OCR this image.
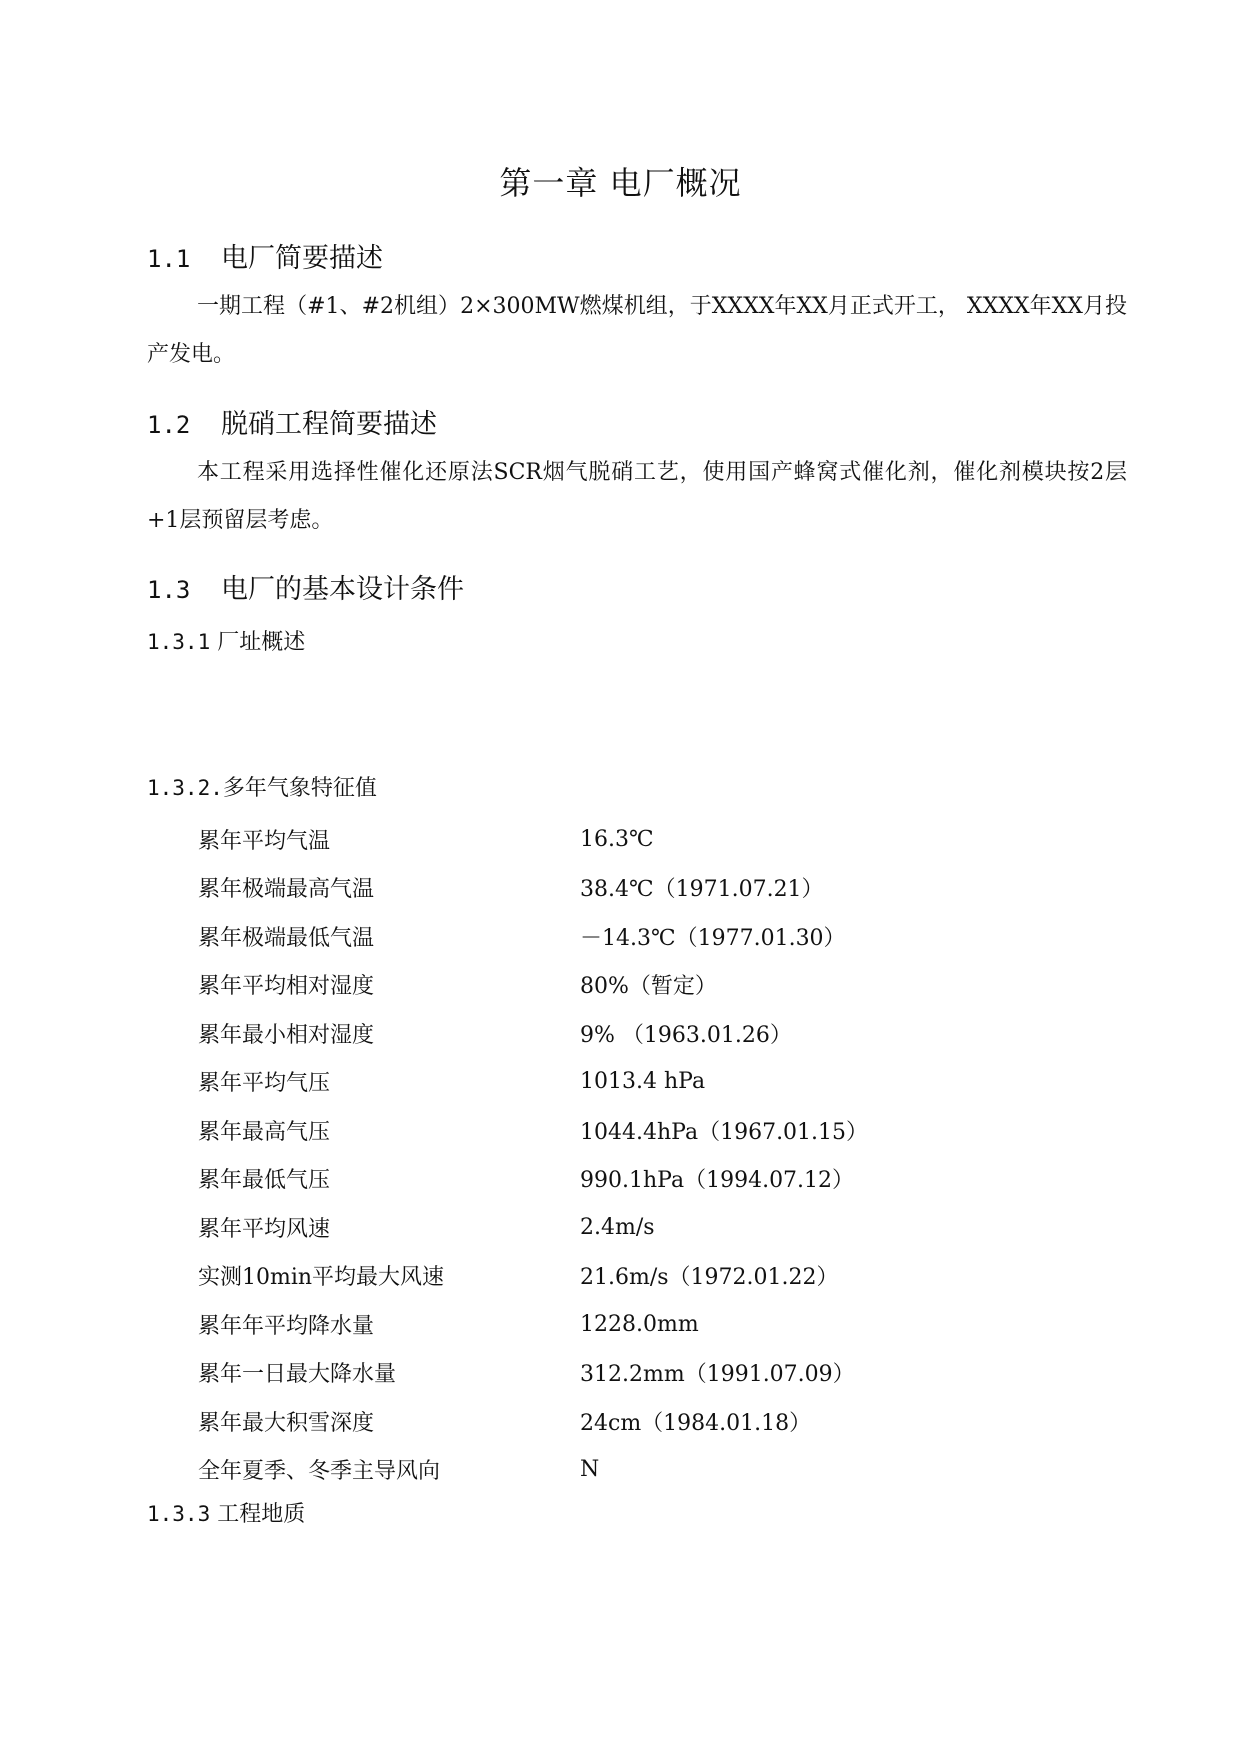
第一章 电厂概况
1.1 电厂简要描述
一期工程（#1、#2机组）2×300MW燃煤机组，于XXXX年XX月正式开工， XXXX年XX月投产发电。
1.2 脱硝工程简要描述
本工程采用选择性催化还原法SCR烟气脱硝工艺，使用国产蜂窝式催化剂，催化剂模块按2层+1层预留层考虑。
1.3 电厂的基本设计条件
1.3.1 厂址概述
1.3.2.多年气象特征值
累年平均气温	16.3℃
累年极端最高气温	38.4℃（1971.07.21）
累年极端最低气温	－14.3℃（1977.01.30）
累年平均相对湿度	80%（暂定）
累年最小相对湿度	9% （1963.01.26）
累年平均气压	1013.4 hPa
累年最高气压	1044.4hPa（1967.01.15）
累年最低气压	990.1hPa（1994.07.12）
累年平均风速	2.4m/s
实测10min平均最大风速	21.6m/s（1972.01.22）
累年年平均降水量	1228.0mm
累年一日最大降水量	312.2mm（1991.07.09）
累年最大积雪深度	24cm（1984.01.18）
全年夏季、冬季主导风向	N
1.3.3 工程地质
